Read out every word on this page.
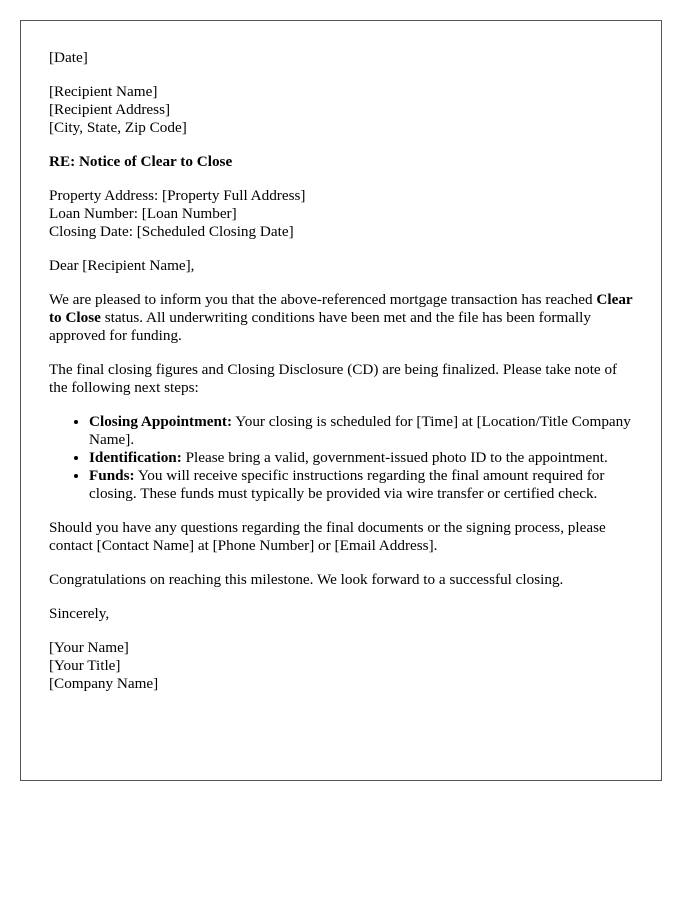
[Date]
[Recipient Name]
[Recipient Address]
[City, State, Zip Code]
RE: Notice of Clear to Close
Property Address: [Property Full Address]
Loan Number: [Loan Number]
Closing Date: [Scheduled Closing Date]
Dear [Recipient Name],
We are pleased to inform you that the above-referenced mortgage transaction has reached Clear to Close status. All underwriting conditions have been met and the file has been formally approved for funding.
The final closing figures and Closing Disclosure (CD) are being finalized. Please take note of the following next steps:
• Closing Appointment: Your closing is scheduled for [Time] at [Location/Title Company Name].
• Identification: Please bring a valid, government-issued photo ID to the appointment.
• Funds: You will receive specific instructions regarding the final amount required for closing. These funds must typically be provided via wire transfer or certified check.
Should you have any questions regarding the final documents or the signing process, please contact [Contact Name] at [Phone Number] or [Email Address].
Congratulations on reaching this milestone. We look forward to a successful closing.
Sincerely,
[Your Name]
[Your Title]
[Company Name]
